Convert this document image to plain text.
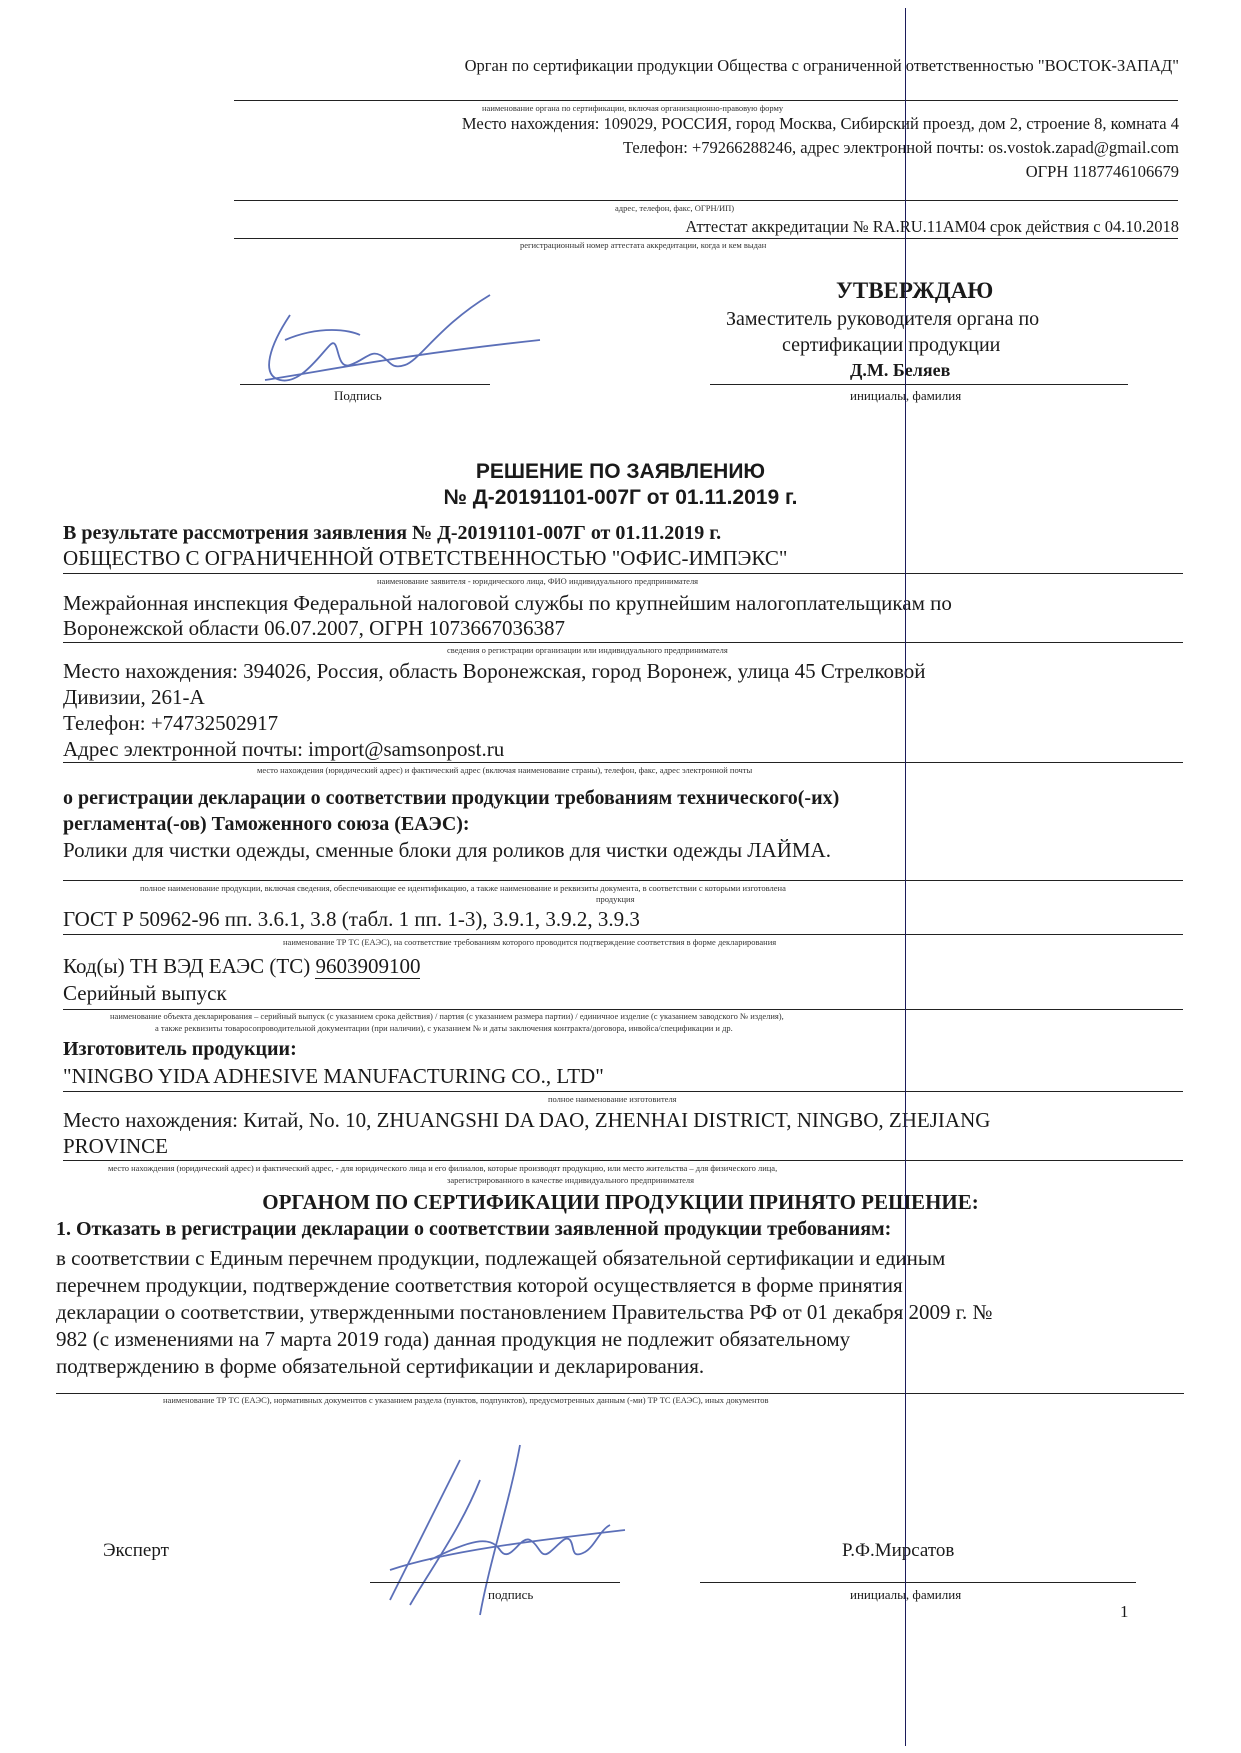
Орган по сертификации продукции Общества с ограниченной ответственностью "ВОСТОК-ЗАПАД"
наименование органа по сертификации, включая организационно-правовую форму
Место нахождения: 109029, РОССИЯ, город Москва, Сибирский проезд, дом 2, строение 8, комната 4
Телефон: +79266288246, адрес электронной почты: os.vostok.zapad@gmail.com
ОГРН 1187746106679
адрес, телефон, факс, ОГРН/ИП)
Аттестат аккредитации № RA.RU.11AM04 срок действия с 04.10.2018
регистрационный номер аттестата аккредитации, когда и кем выдан
УТВЕРЖДАЮ
Заместитель руководителя органа по
сертификации продукции
Д.М. Беляев
инициалы, фамилия
Подпись
РЕШЕНИЕ ПО ЗАЯВЛЕНИЮ
№ Д-20191101-007Г от 01.11.2019 г.
В результате рассмотрения заявления № Д-20191101-007Г от 01.11.2019 г.
ОБЩЕСТВО С ОГРАНИЧЕННОЙ ОТВЕТСТВЕННОСТЬЮ "ОФИС-ИМПЭКС"
наименование заявителя - юридического лица, ФИО индивидуального предпринимателя
Межрайонная инспекция Федеральной налоговой службы по крупнейшим налогоплательщикам по
Воронежской области 06.07.2007, ОГРН 1073667036387
сведения о регистрации организации или индивидуального предпринимателя
Место нахождения: 394026, Россия, область Воронежская, город Воронеж, улица 45 Стрелковой
Дивизии, 261-А
Телефон: +74732502917
Адрес электронной почты: import@samsonpost.ru
место нахождения (юридический адрес) и фактический адрес (включая наименование страны), телефон, факс, адрес электронной почты
о регистрации декларации о соответствии продукции требованиям технического(-их)
регламента(-ов) Таможенного союза (ЕАЭС):
Ролики для чистки одежды, сменные блоки для роликов для чистки одежды ЛАЙМА.
полное наименование продукции, включая сведения, обеспечивающие ее идентификацию, а также наименование и реквизиты документа, в соответствии с которыми изготовлена
продукция
ГОСТ Р 50962-96 пп. 3.6.1, 3.8 (табл. 1 пп. 1-3), 3.9.1, 3.9.2, 3.9.3
наименование ТР ТС (ЕАЭС), на соответствие требованиям которого проводится подтверждение соответствия в форме декларирования
Код(ы) ТН ВЭД ЕАЭС (ТС) 9603909100
Серийный выпуск
наименование объекта декларирования – серийный выпуск (с указанием срока действия) / партия (с указанием размера партии) / единичное изделие (с указанием заводского № изделия),
а также реквизиты товаросопроводительной документации (при наличии), с указанием № и даты заключения контракта/договора, инвойса/спецификации и др.
Изготовитель продукции:
"NINGBO YIDA ADHESIVE MANUFACTURING CO., LTD"
полное наименование изготовителя
Место нахождения: Китай, No. 10, ZHUANGSHI DA DAO, ZHENHAI DISTRICT, NINGBO, ZHEJIANG
PROVINCE
место нахождения (юридический адрес) и фактический адрес, - для юридического лица и его филиалов, которые производят продукцию, или место жительства – для физического лица,
зарегистрированного в качестве индивидуального предпринимателя
ОРГАНОМ ПО СЕРТИФИКАЦИИ ПРОДУКЦИИ ПРИНЯТО РЕШЕНИЕ:
1. Отказать в регистрации декларации о соответствии заявленной продукции требованиям:
в соответствии с Единым перечнем продукции, подлежащей обязательной сертификации и единым
перечнем продукции, подтверждение соответствия которой осуществляется в форме принятия
декларации о соответствии, утвержденными постановлением Правительства РФ от 01 декабря 2009 г. №
982 (с изменениями на 7 марта 2019 года) данная продукция не подлежит обязательному
подтверждению в форме обязательной сертификации и декларирования.
наименование ТР ТС (ЕАЭС), нормативных документов с указанием раздела (пунктов, подпунктов), предусмотренных данным (-ми) ТР ТС (ЕАЭС), иных документов
Эксперт
подпись
Р.Ф.Мирсатов
инициалы, фамилия
1
